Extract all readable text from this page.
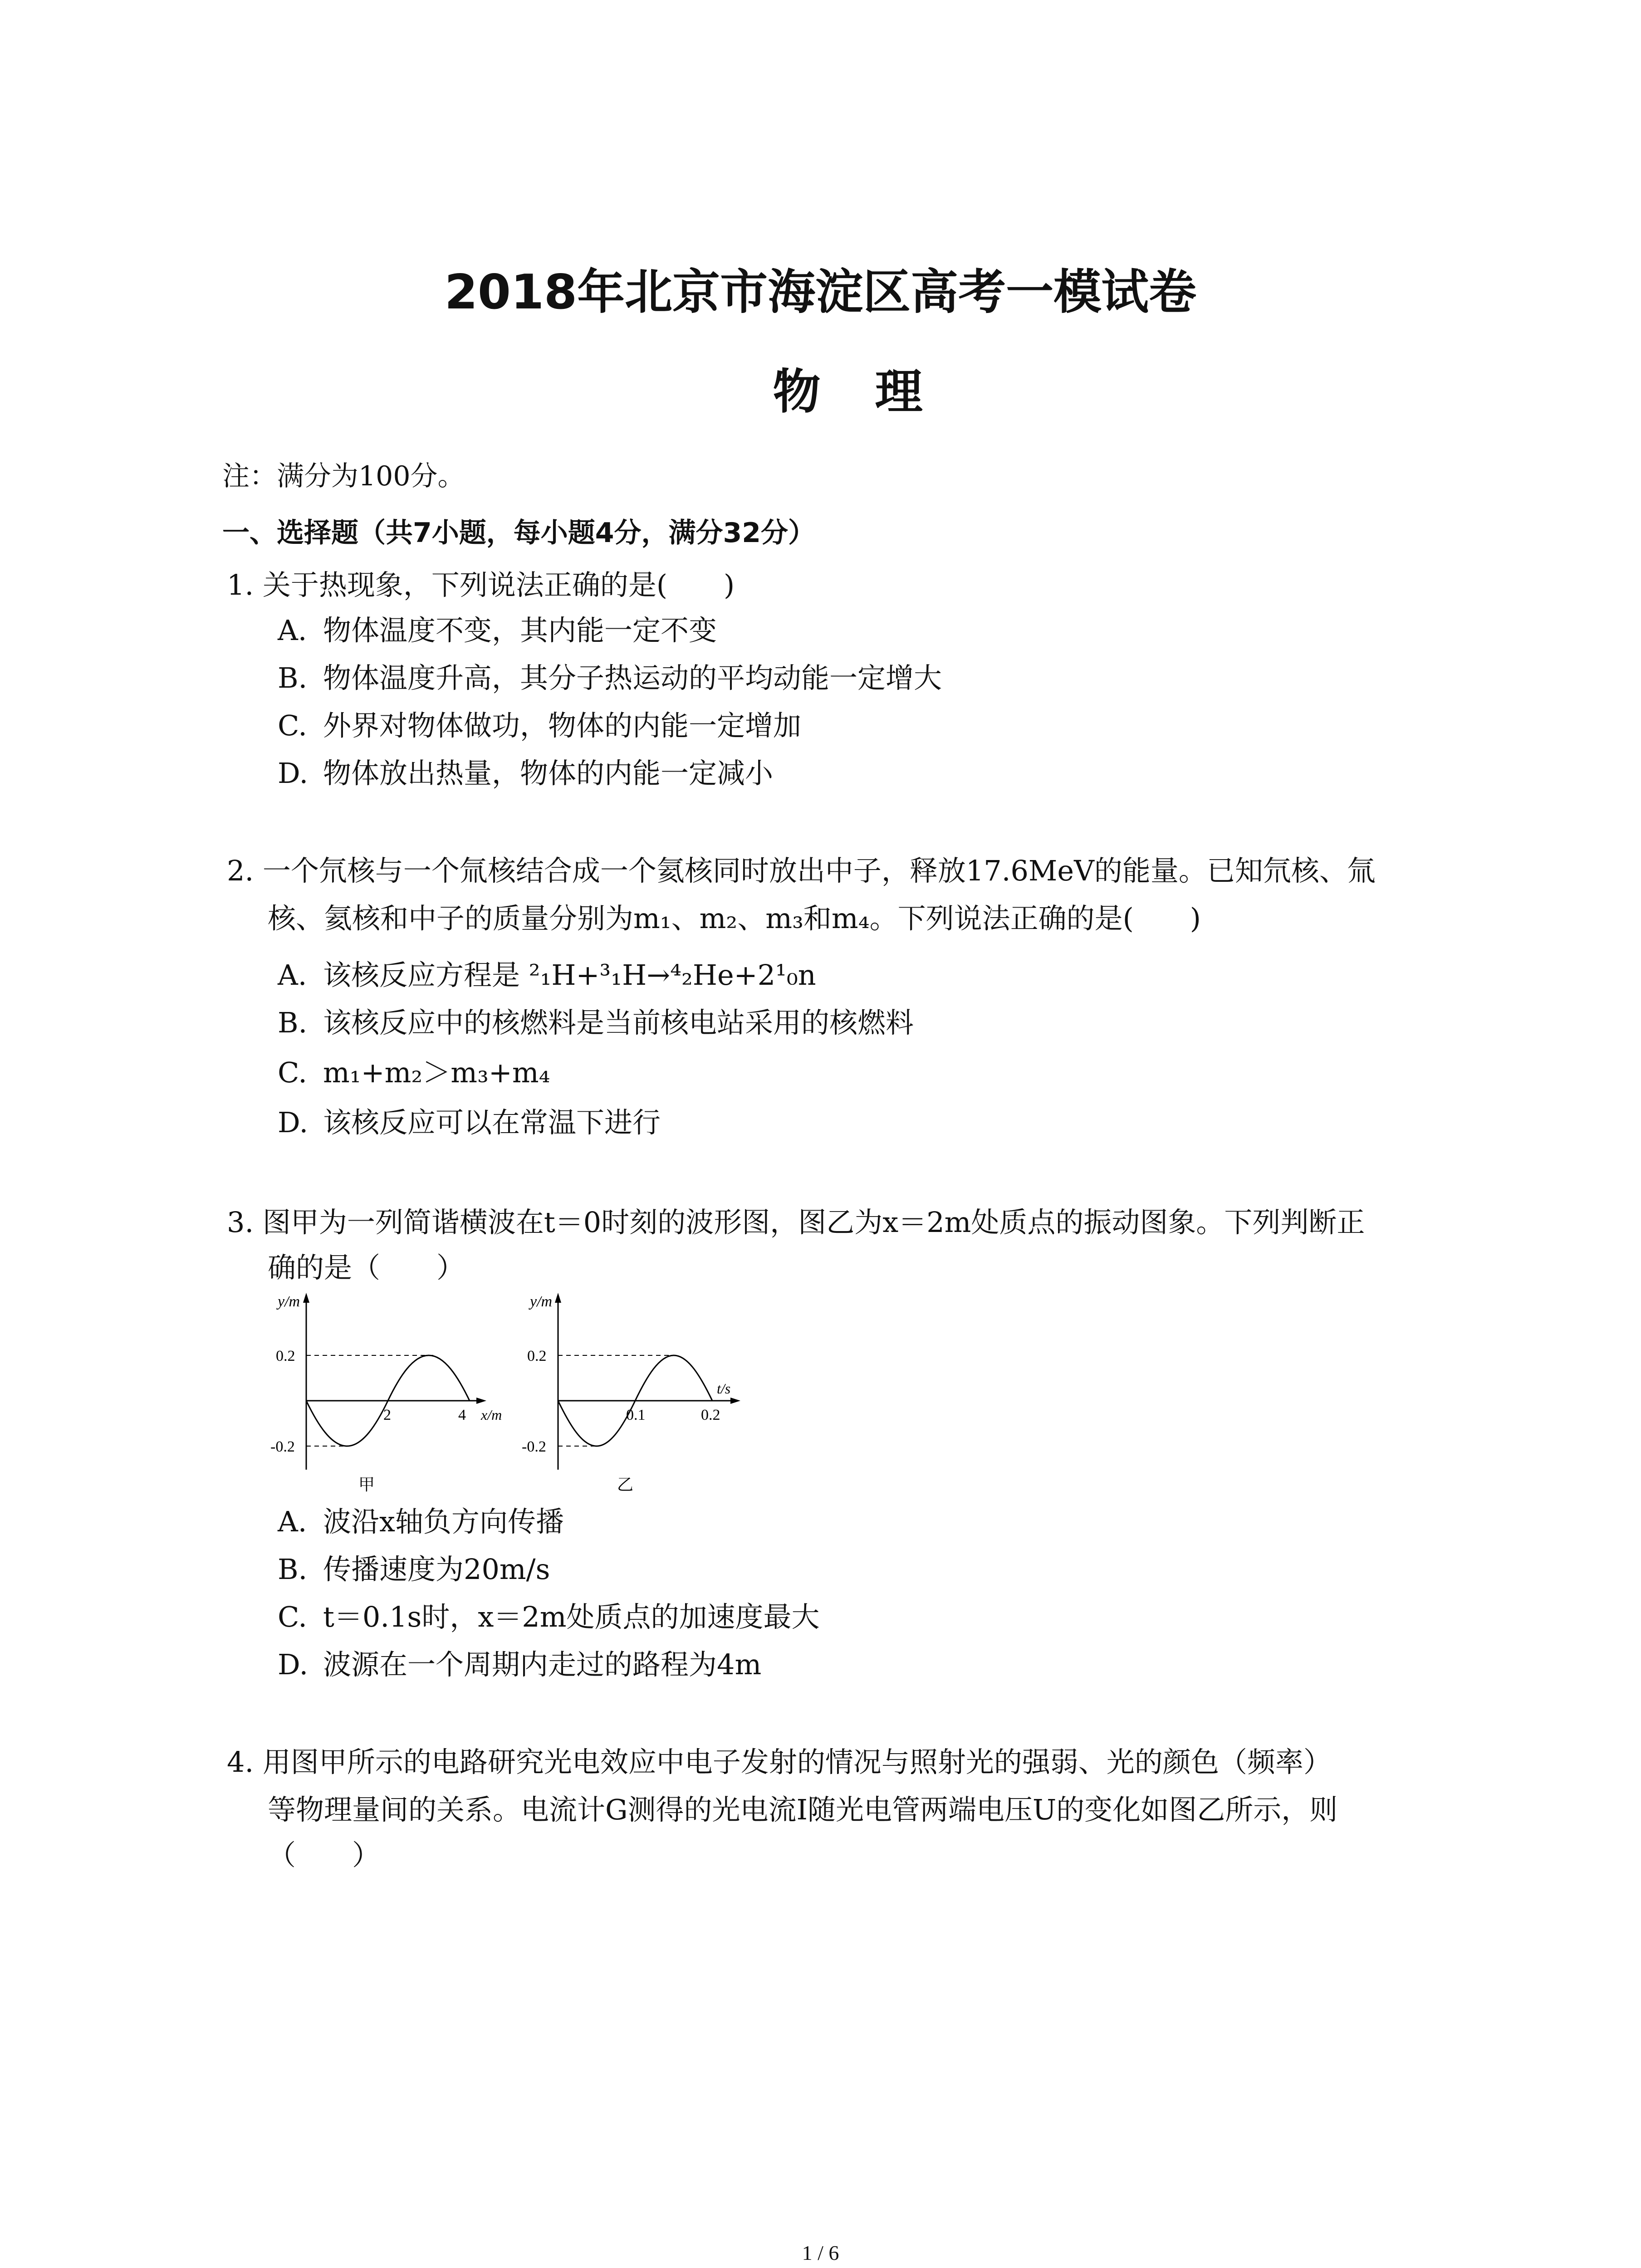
2018年北京市海淀区高考一模试卷
物理
注：满分为100分。
一、选择题（共7小题，每小题4分，满分32分）
1. 关于热现象，下列说法正确的是(　　)
A. 物体温度不变，其内能一定不变
B. 物体温度升高，其分子热运动的平均动能一定增大
C. 外界对物体做功，物体的内能一定增加
D. 物体放出热量，物体的内能一定减小
2. 一个氘核与一个氚核结合成一个氦核同时放出中子，释放17.6MeV的能量。已知氘核、氚
核、氦核和中子的质量分别为m₁、m₂、m₃和m₄。下列说法正确的是(　　)
A. 该核反应方程是 ²₁H+³₁H→⁴₂He+2¹₀n
B. 该核反应中的核燃料是当前核电站采用的核燃料
C. m₁+m₂＞m₃+m₄
D. 该核反应可以在常温下进行
3. 图甲为一列简谐横波在t＝0时刻的波形图，图乙为x＝2m处质点的振动图象。下列判断正
确的是（　　）
y/m
0.2
-0.2
2	4 x/m
甲
y/m
0.2
-0.2
0.1	0.2
t/s
乙
A. 波沿x轴负方向传播
B. 传播速度为20m/s
C. t＝0.1s时，x＝2m处质点的加速度最大
D. 波源在一个周期内走过的路程为4m
4. 用图甲所示的电路研究光电效应中电子发射的情况与照射光的强弱、光的颜色（频率）
等物理量间的关系。电流计G测得的光电流I随光电管两端电压U的变化如图乙所示，则
（　　）
1 / 6
